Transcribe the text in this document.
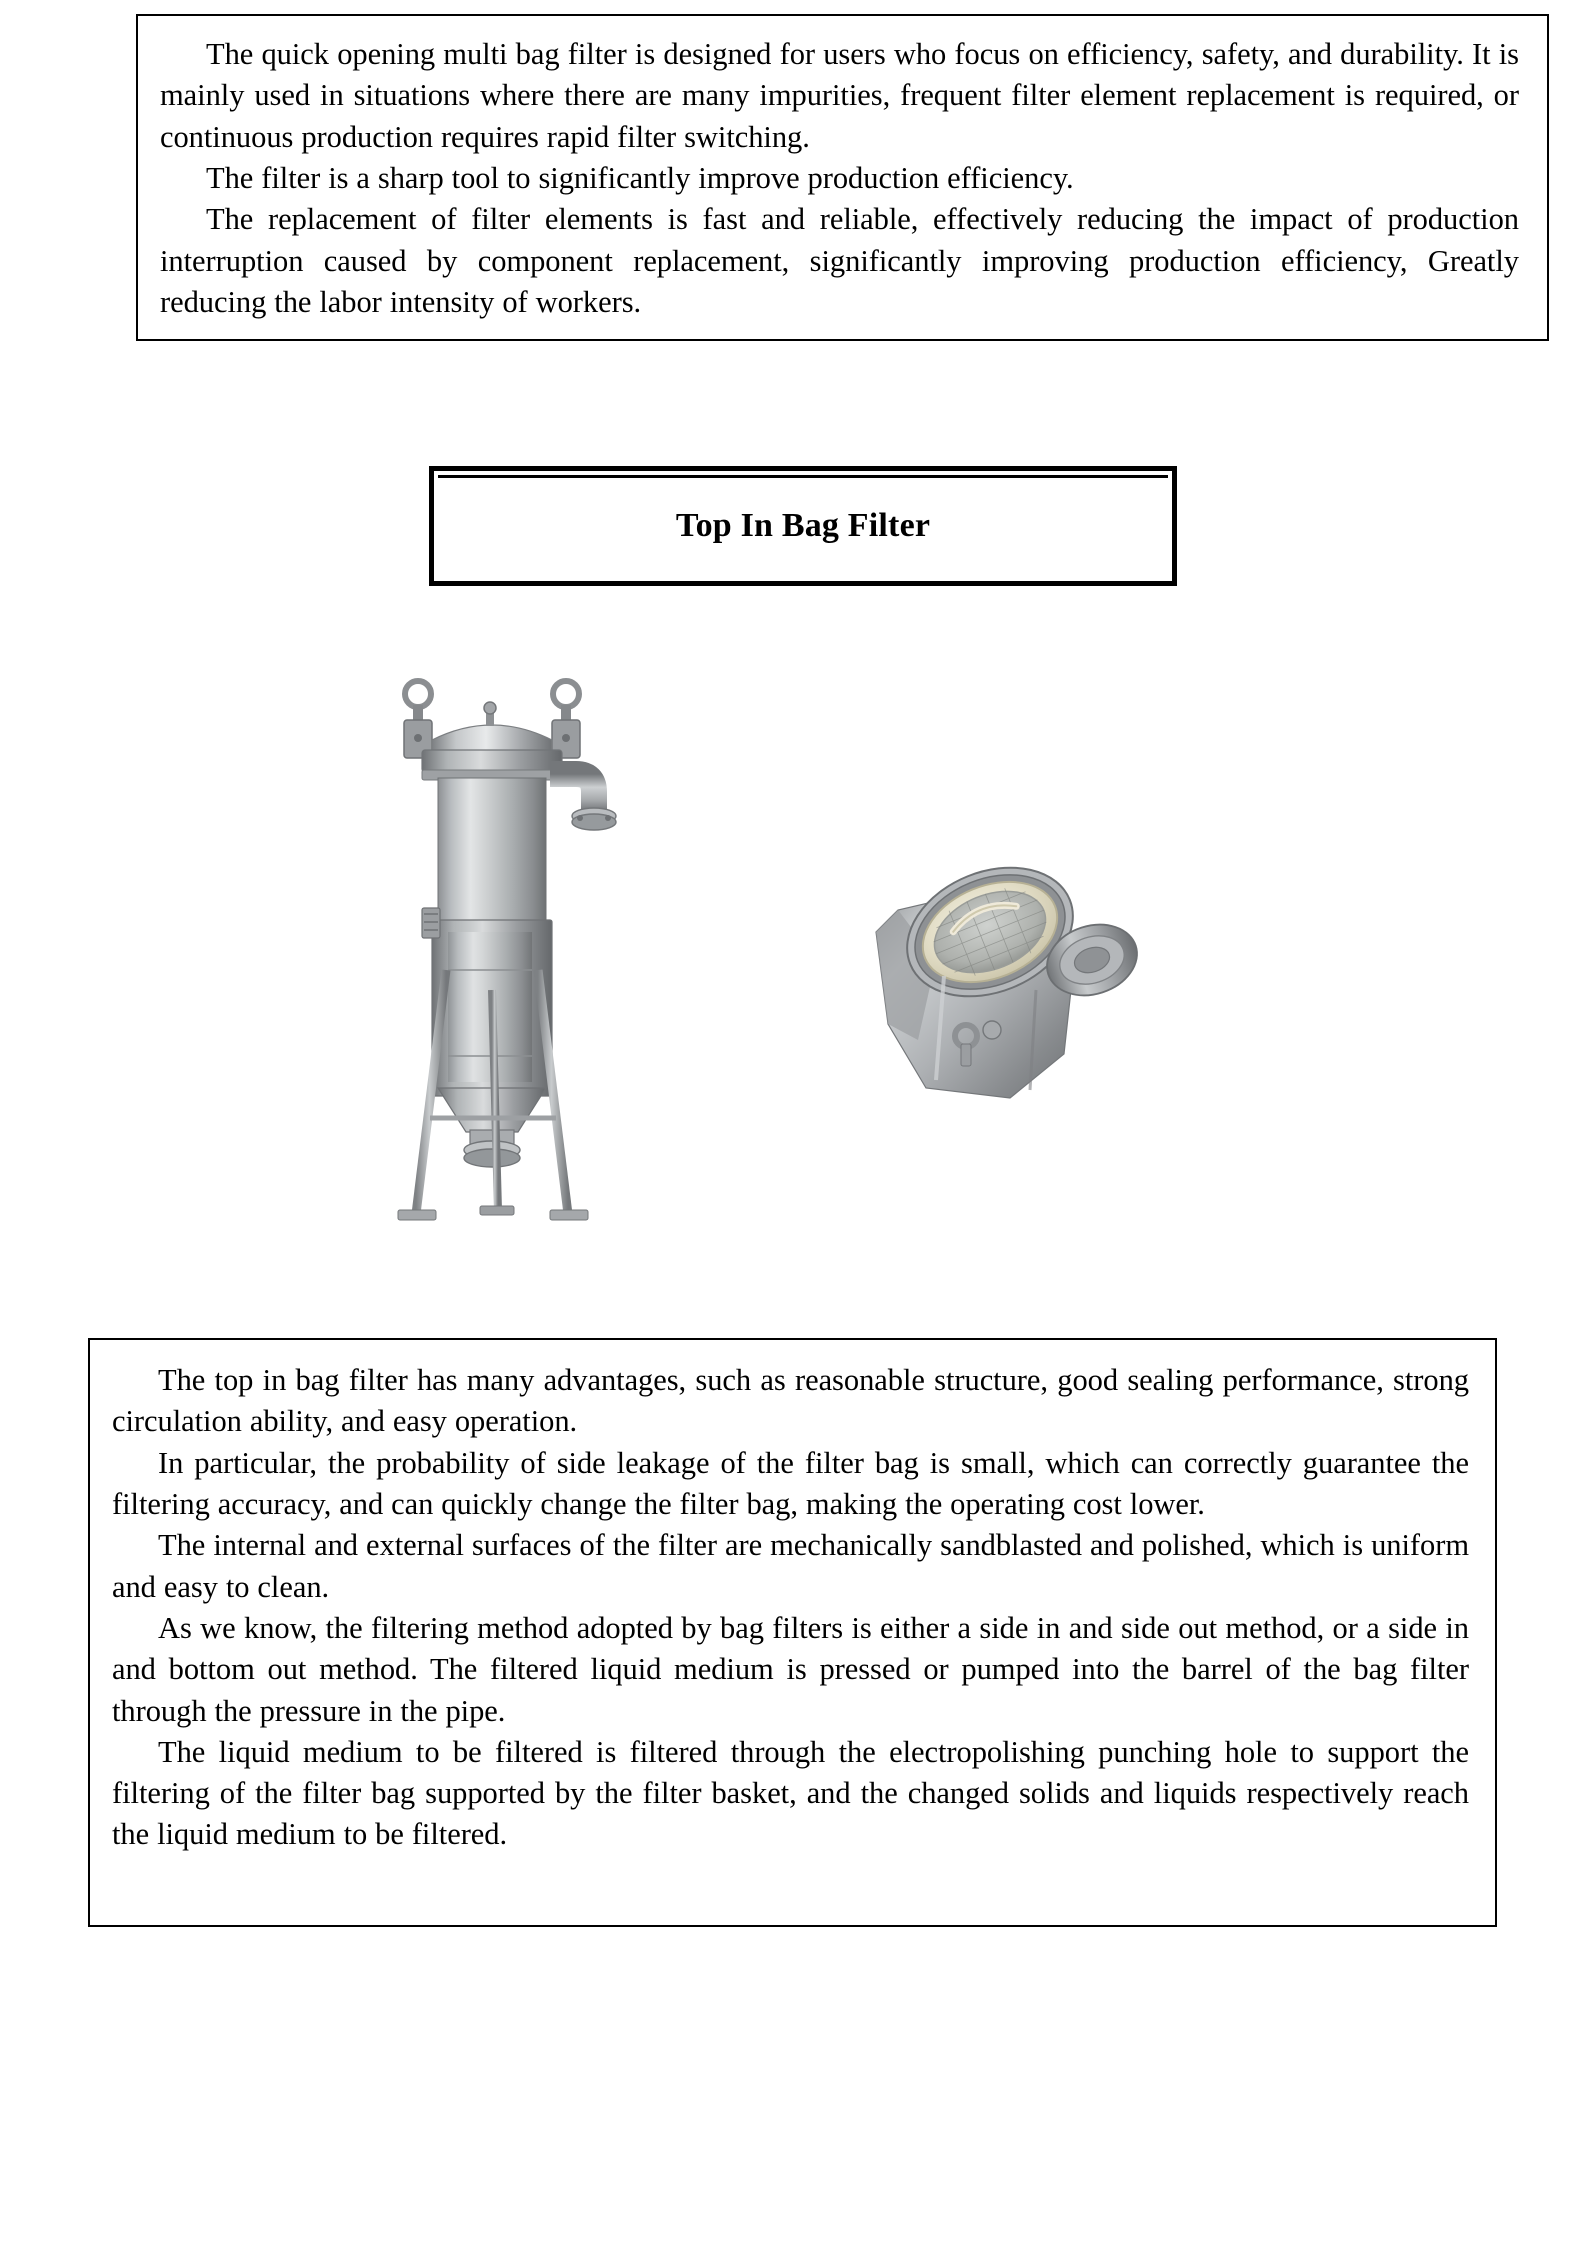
The quick opening multi bag filter is designed for users who focus on efficiency, safety, and durability. It is mainly used in situations where there are many impurities, frequent filter element replacement is required, or continuous production requires rapid filter switching.

The filter is a sharp tool to significantly improve production efficiency.

The replacement of filter elements is fast and reliable, effectively reducing the impact of production interruption caused by component replacement, significantly improving production efficiency, Greatly reducing the labor intensity of workers.

Top In Bag Filter

The top in bag filter has many advantages, such as reasonable structure, good sealing performance, strong circulation ability, and easy operation.

In particular, the probability of side leakage of the filter bag is small, which can correctly guarantee the filtering accuracy, and can quickly change the filter bag, making the operating cost lower.

The internal and external surfaces of the filter are mechanically sandblasted and polished, which is uniform and easy to clean.

As we know, the filtering method adopted by bag filters is either a side in and side out method, or a side in and bottom out method. The filtered liquid medium is pressed or pumped into the barrel of the bag filter through the pressure in the pipe.

The liquid medium to be filtered is filtered through the electropolishing punching hole to support the filtering of the filter bag supported by the filter basket, and the changed solids and liquids respectively reach the liquid medium to be filtered.
